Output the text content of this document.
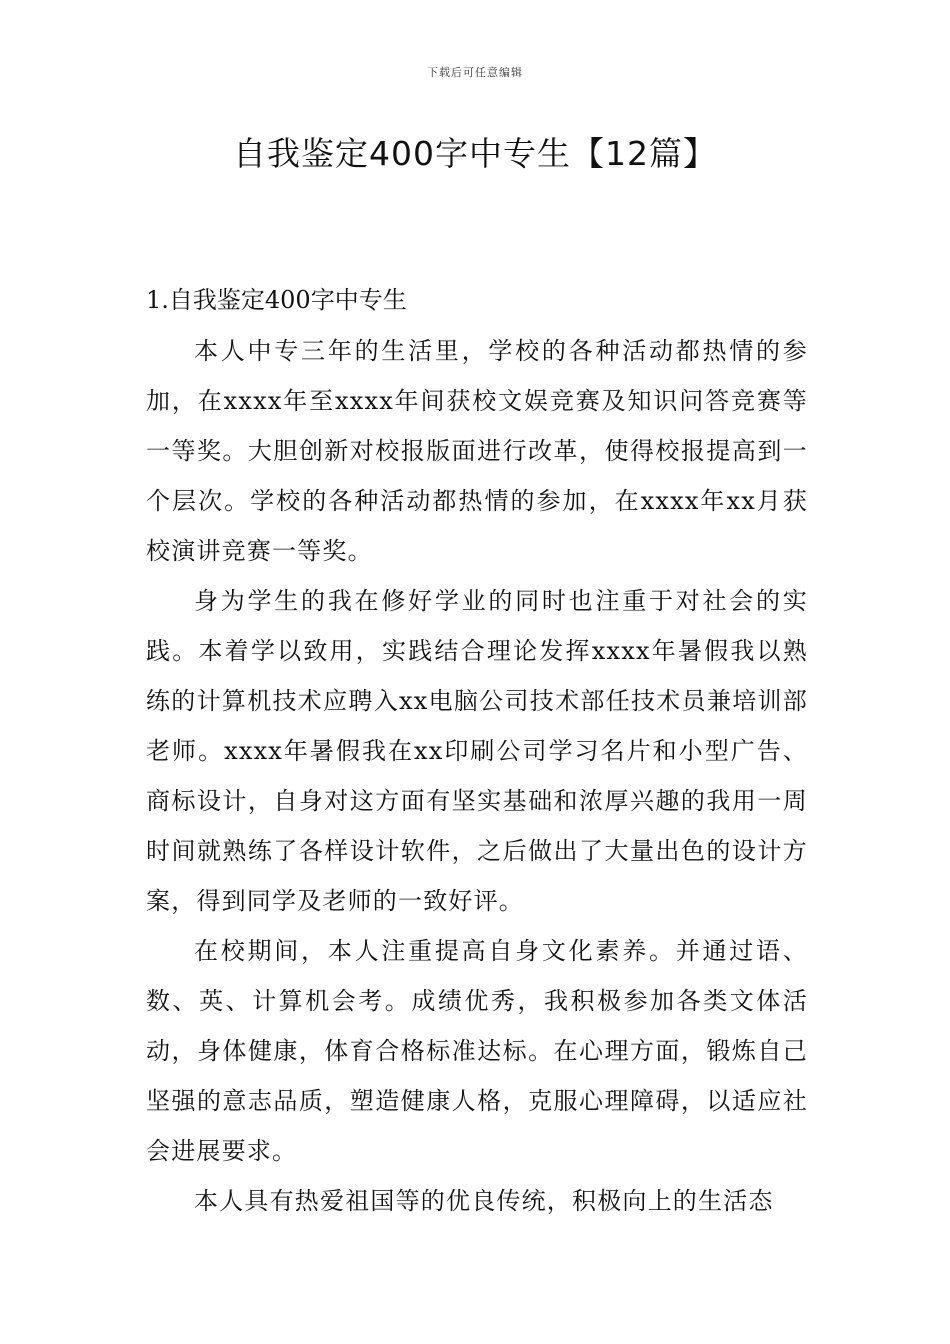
下载后可任意编辑
自我鉴定400字中专生【12篇】

1.自我鉴定400字中专生

本人中专三年的生活里，学校的各种活动都热情的参加，在xxxx年至xxxx年间获校文娱竞赛及知识问答竞赛等一等奖。大胆创新对校报版面进行改革，使得校报提高到一个层次。学校的各种活动都热情的参加，在xxxx年xx月获校演讲竞赛一等奖。

身为学生的我在修好学业的同时也注重于对社会的实践。本着学以致用，实践结合理论发挥xxxx年暑假我以熟练的计算机技术应聘入xx电脑公司技术部任技术员兼培训部老师。xxxx年暑假我在xx印刷公司学习名片和小型广告、商标设计，自身对这方面有坚实基础和浓厚兴趣的我用一周时间就熟练了各样设计软件，之后做出了大量出色的设计方案，得到同学及老师的一致好评。

在校期间，本人注重提高自身文化素养。并通过语、数、英、计算机会考。成绩优秀，我积极参加各类文体活动，身体健康，体育合格标准达标。在心理方面，锻炼自己坚强的意志品质，塑造健康人格，克服心理障碍，以适应社会进展要求。

本人具有热爱祖国等的优良传统，积极向上的生活态
